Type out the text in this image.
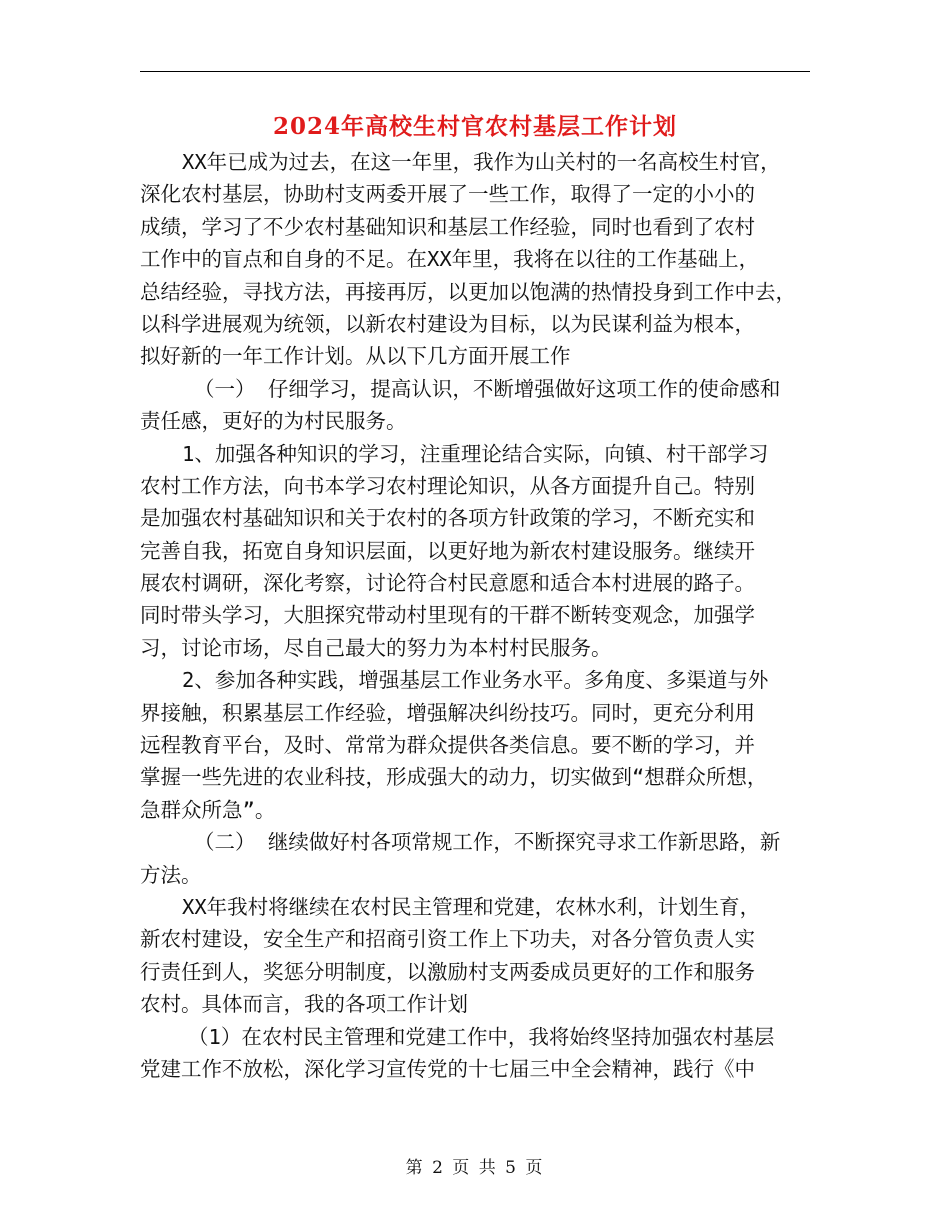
2024年高校生村官农村基层工作计划
XX年已成为过去，在这一年里，我作为山关村的一名高校生村官，
深化农村基层，协助村支两委开展了一些工作，取得了一定的小小的
成绩，学习了不少农村基础知识和基层工作经验，同时也看到了农村
工作中的盲点和自身的不足。在XX年里，我将在以往的工作基础上，
总结经验，寻找方法，再接再厉，以更加以饱满的热情投身到工作中去，
以科学进展观为统领，以新农村建设为目标，以为民谋利益为根本，
拟好新的一年工作计划。从以下几方面开展工作
（一） 仔细学习，提高认识，不断增强做好这项工作的使命感和
责任感，更好的为村民服务。
1、加强各种知识的学习，注重理论结合实际，向镇、村干部学习
农村工作方法，向书本学习农村理论知识，从各方面提升自己。特别
是加强农村基础知识和关于农村的各项方针政策的学习，不断充实和
完善自我，拓宽自身知识层面，以更好地为新农村建设服务。继续开
展农村调研，深化考察，讨论符合村民意愿和适合本村进展的路子。
同时带头学习，大胆探究带动村里现有的干群不断转变观念，加强学
习，讨论市场，尽自己最大的努力为本村村民服务。
2、参加各种实践，增强基层工作业务水平。多角度、多渠道与外
界接触，积累基层工作经验，增强解决纠纷技巧。同时，更充分利用
远程教育平台，及时、常常为群众提供各类信息。要不断的学习，并
掌握一些先进的农业科技，形成强大的动力，切实做到“想群众所想，
急群众所急”。
（二） 继续做好村各项常规工作，不断探究寻求工作新思路，新
方法。
XX年我村将继续在农村民主管理和党建，农林水利，计划生育，
新农村建设，安全生产和招商引资工作上下功夫，对各分管负责人实
行责任到人，奖惩分明制度，以激励村支两委成员更好的工作和服务
农村。具体而言，我的各项工作计划
（1）在农村民主管理和党建工作中，我将始终坚持加强农村基层
党建工作不放松，深化学习宣传党的十七届三中全会精神，践行《中
第 2 页 共 5 页
